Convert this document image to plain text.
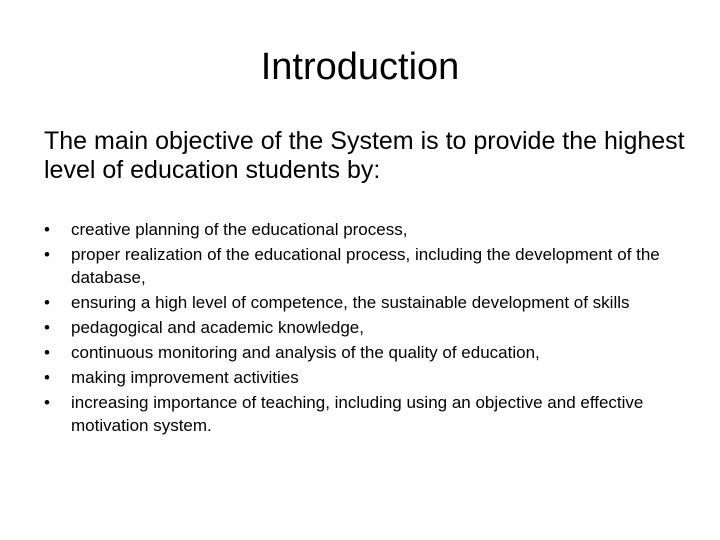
Introduction

The main objective of the System is to provide the highest level of education students by:

•	creative planning of the educational process,
•	proper realization of the educational process, including the development of the database,
•	ensuring a high level of competence, the sustainable development of skills
•	pedagogical and academic knowledge,
•	continuous monitoring and analysis of the quality of education,
•	making improvement activities
•	increasing importance of teaching, including using an objective and effective motivation system.
